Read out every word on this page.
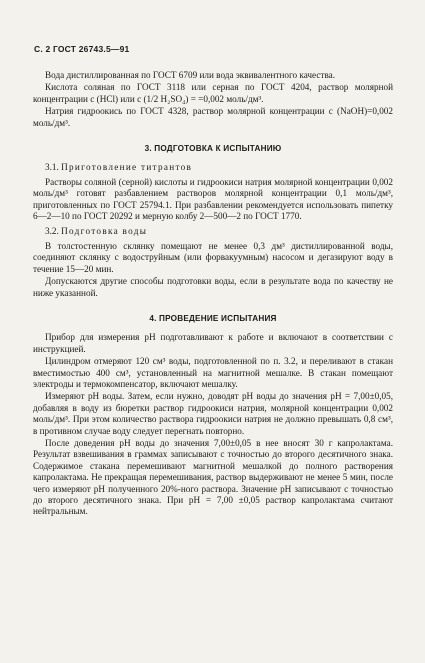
С. 2 ГОСТ 26743.5—91

Вода дистиллированная по ГОСТ 6709 или вода эквивалентного качества.

Кислота соляная по ГОСТ 3118 или серная по ГОСТ 4204, раствор молярной концентрации c (HCl) или c (1/2 H₂SO₄) = =0,002 моль/дм³.

Натрия гидроокись по ГОСТ 4328, раствор молярной концентрации c (NaOH)=0,002 моль/дм³.

3. ПОДГОТОВКА К ИСПЫТАНИЮ
3.1. Приготовление титрантов

Растворы соляной (серной) кислоты и гидроокиси натрия молярной концентрации 0,002 моль/дм³ готовят разбавлением растворов молярной концентрации 0,1 моль/дм³, приготовленных по ГОСТ 25794.1. При разбавлении рекомендуется использовать пипетку 6—2—10 по ГОСТ 20292 и мерную колбу 2—500—2 по ГОСТ 1770.

3.2. Подготовка воды

В толстостенную склянку помещают не менее 0,3 дм³ дистиллированной воды, соединяют склянку с водоструйным (или форвакуумным) насосом и дегазируют воду в течение 15—20 мин.

Допускаются другие способы подготовки воды, если в результате вода по качеству не ниже указанной.

4. ПРОВЕДЕНИЕ ИСПЫТАНИЯ

Прибор для измерения pH подготавливают к работе и включают в соответствии с инструкцией.

Цилиндром отмеряют 120 см³ воды, подготовленной по п. 3.2, и переливают в стакан вместимостью 400 см³, установленный на магнитной мешалке. В стакан помещают электроды и термокомпенсатор, включают мешалку.

Измеряют pH воды. Затем, если нужно, доводят pH воды до значения pH = 7,00±0,05, добавляя в воду из бюретки раствор гидроокиси натрия, молярной концентрации 0,002 моль/дм³. При этом количество раствора гидроокиси натрия не должно превышать 0,8 см³, в противном случае воду следует перегнать повторно.

После доведения pH воды до значения 7,00±0,05 в нее вносят 30 г капролактама. Результат взвешивания в граммах записывают с точностью до второго десятичного знака. Содержимое стакана перемешивают магнитной мешалкой до полного растворения капролактама. Не прекращая перемешивания, раствор выдерживают не менее 5 мин, после чего измеряют pH полученного 20%-ного раствора. Значение pH записывают с точностью до второго десятичного знака. При pH = 7,00 ±0,05 раствор капролактама считают нейтральным.
